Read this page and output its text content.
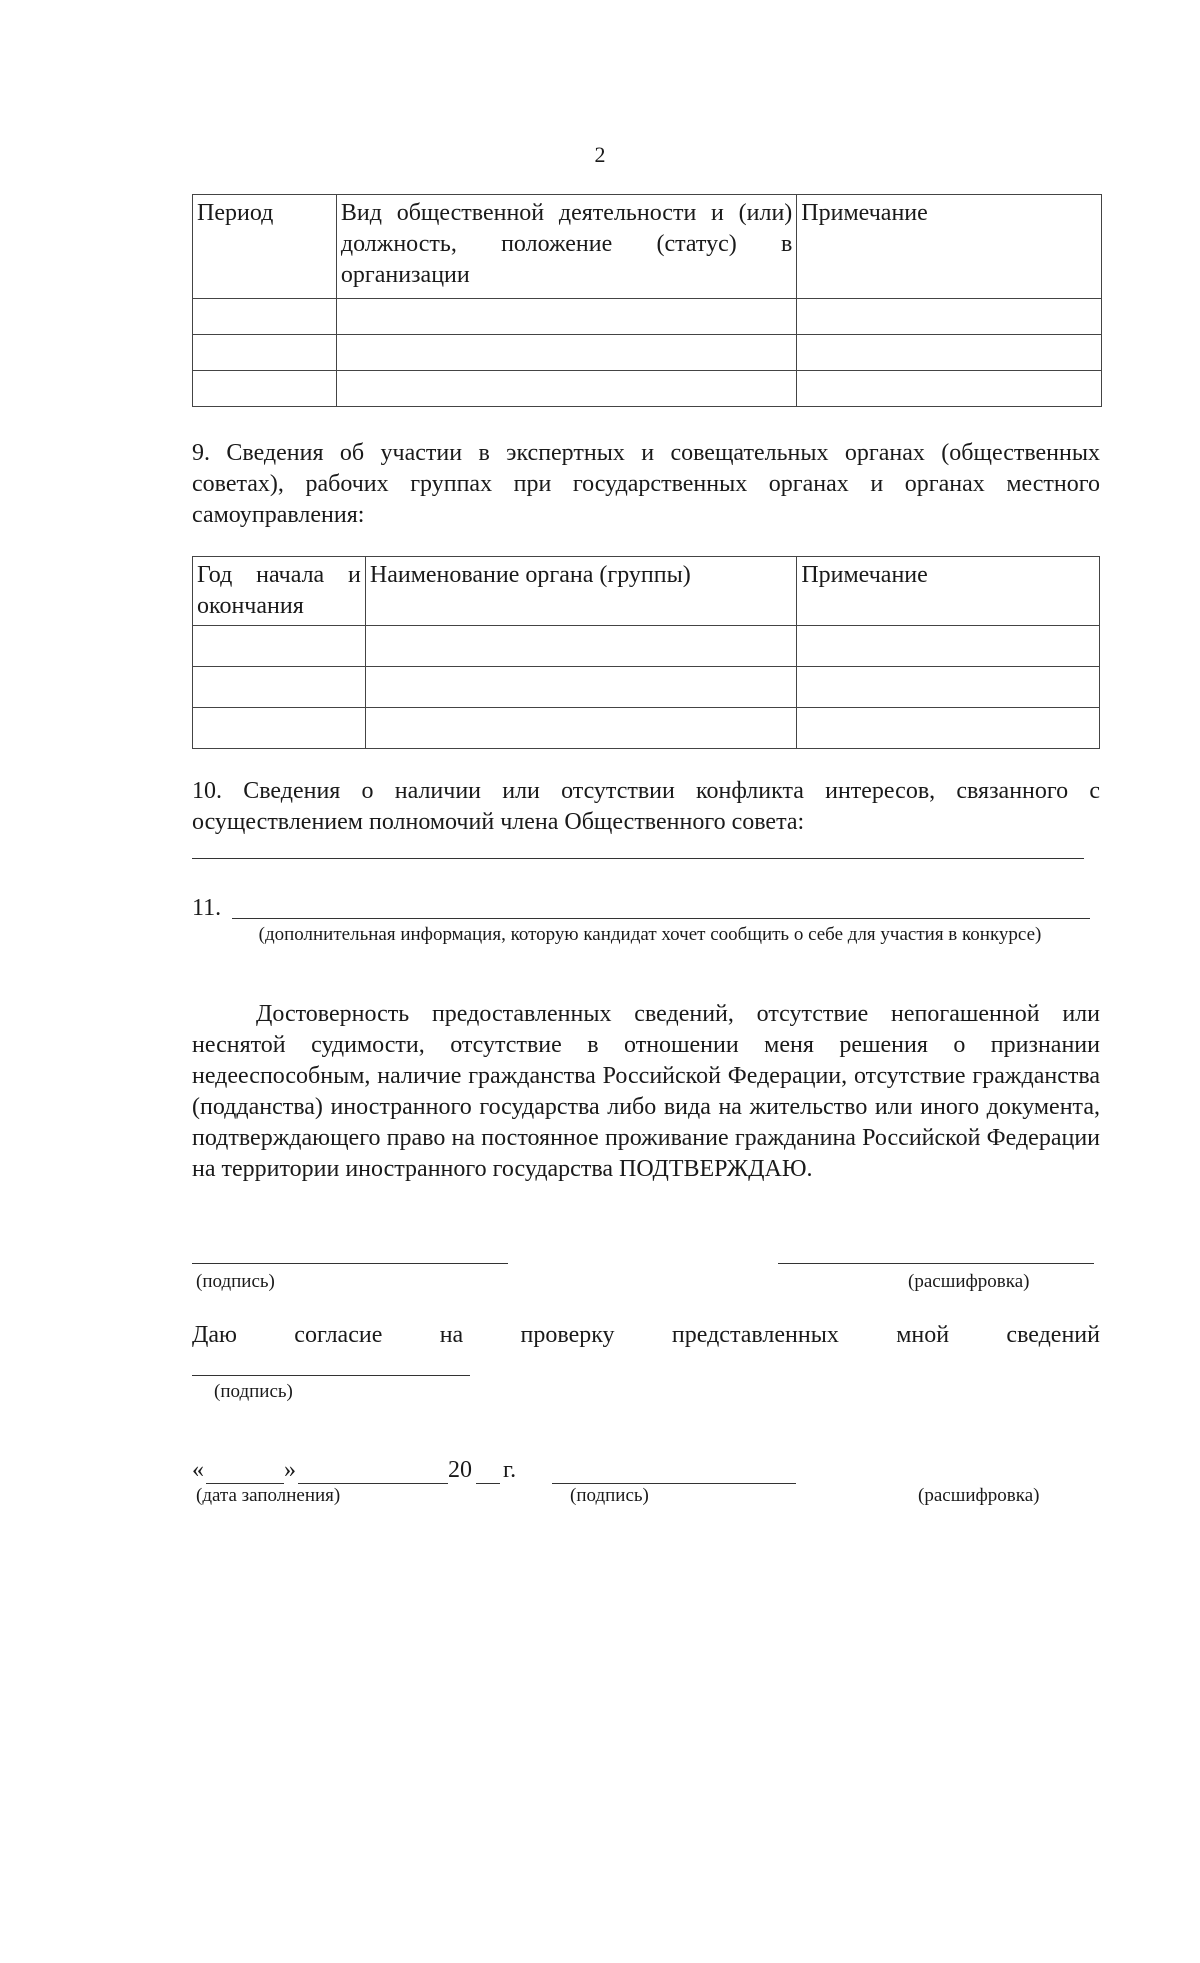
2
Период	Вид общественной деятельности и (или) должность, положение (статус) в организации	Примечание

9. Сведения об участии в экспертных и совещательных органах (общественных советах), рабочих группах при государственных органах и органах местного самоуправления:
Год начала и окончания	Наименование органа (группы)	Примечание

10. Сведения о наличии или отсутствии конфликта интересов, связанного с осуществлением полномочий члена Общественного совета:
11.
(дополнительная информация, которую кандидат хочет сообщить о себе для участия в конкурсе)
Достоверность предоставленных сведений, отсутствие непогашенной или неснятой судимости, отсутствие в отношении меня решения о признании недееспособным, наличие гражданства Российской Федерации, отсутствие гражданства (подданства) иностранного государства либо вида на жительство или иного документа, подтверждающего право на постоянное проживание гражданина Российской Федерации на территории иностранного государства ПОДТВЕРЖДАЮ.
(подпись)	(расшифровка)
Даю согласие на проверку представленных мной сведений
(подпись)
«	»	20 г.
(дата заполнения)	(подпись)	(расшифровка)
